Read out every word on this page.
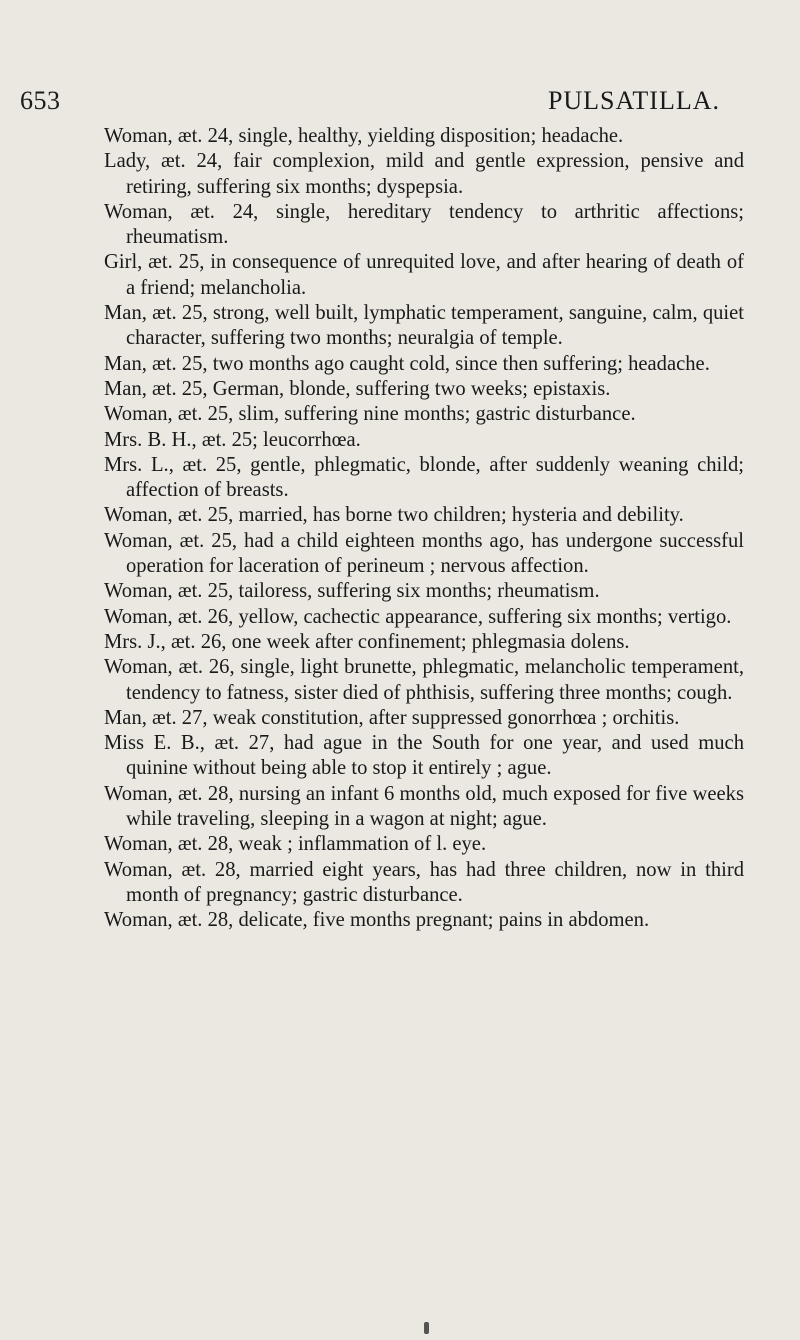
653	PULSATILLA.

Woman, æt. 24, single, healthy, yielding disposition; headache.

Lady, æt. 24, fair complexion, mild and gentle expression, pensive and retiring, suffering six months; dyspepsia.

Woman, æt. 24, single, hereditary tendency to arthritic affections; rheumatism.

Girl, æt. 25, in consequence of unrequited love, and after hearing of death of a friend; melancholia.

Man, æt. 25, strong, well built, lymphatic temperament, sanguine, calm, quiet character, suffering two months; neuralgia of temple.

Man, æt. 25, two months ago caught cold, since then suffering; headache.

Man, æt. 25, German, blonde, suffering two weeks; epistaxis.

Woman, æt. 25, slim, suffering nine months; gastric disturbance.

Mrs. B. H., æt. 25; leucorrhœa.

Mrs. L., æt. 25, gentle, phlegmatic, blonde, after suddenly weaning child; affection of breasts.

Woman, æt. 25, married, has borne two children; hysteria and debility.

Woman, æt. 25, had a child eighteen months ago, has undergone successful operation for laceration of perineum ; nervous affection.

Woman, æt. 25, tailoress, suffering six months; rheumatism.

Woman, æt. 26, yellow, cachectic appearance, suffering six months; vertigo.

Mrs. J., æt. 26, one week after confinement; phlegmasia dolens.

Woman, æt. 26, single, light brunette, phlegmatic, melancholic temperament, tendency to fatness, sister died of phthisis, suffering three months; cough.

Man, æt. 27, weak constitution, after suppressed gonorrhœa ; orchitis.

Miss E. B., æt. 27, had ague in the South for one year, and used much quinine without being able to stop it entirely ; ague.

Woman, æt. 28, nursing an infant 6 months old, much exposed for five weeks while traveling, sleeping in a wagon at night; ague.

Woman, æt. 28, weak ; inflammation of l. eye.

Woman, æt. 28, married eight years, has had three children, now in third month of pregnancy; gastric disturbance.

Woman, æt. 28, delicate, five months pregnant; pains in abdomen.
